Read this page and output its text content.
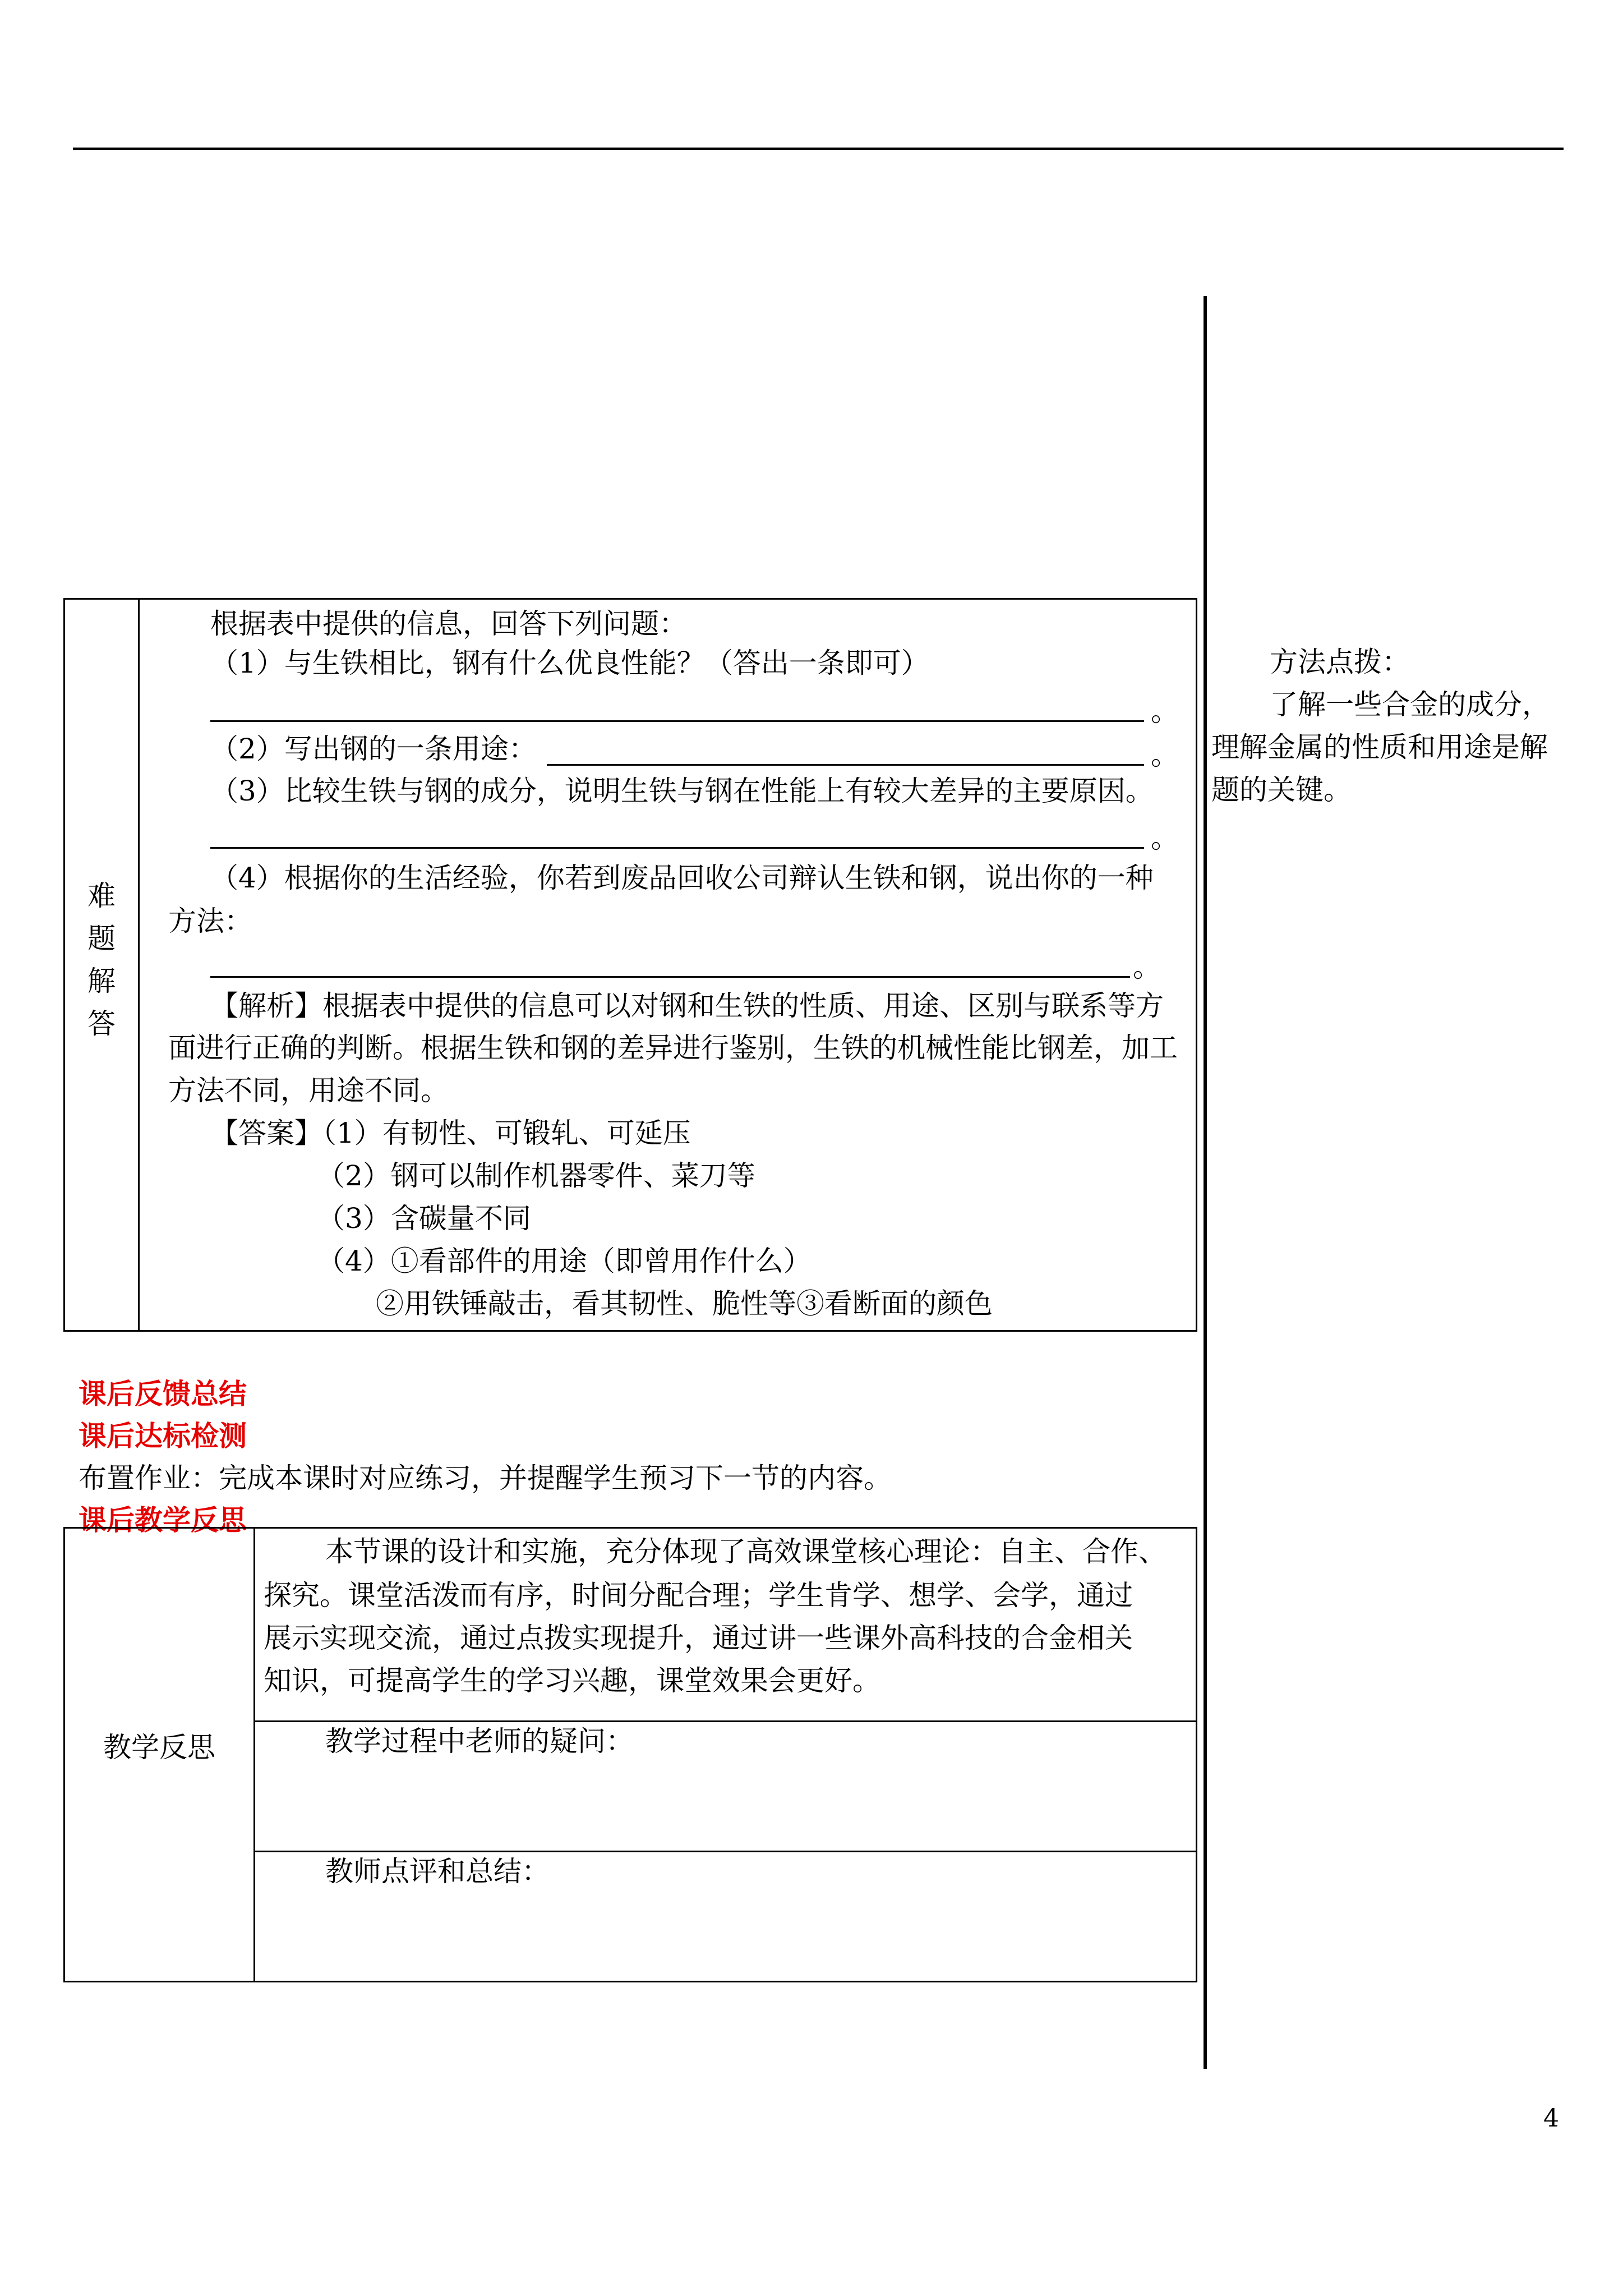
难
题
解
答
根据表中提供的信息，回答下列问题：
（1）与生铁相比，钢有什么优良性能？（答出一条即可）
。
（2）写出钢的一条用途：	。
（3）比较生铁与钢的成分，说明生铁与钢在性能上有较大差异的主要原因。
。
（4）根据你的生活经验，你若到废品回收公司辩认生铁和钢，说出你的一种
方法：
。
【解析】根据表中提供的信息可以对钢和生铁的性质、用途、区别与联系等方
面进行正确的判断。根据生铁和钢的差异进行鉴别，生铁的机械性能比钢差，加工
方法不同，用途不同。
【答案】（1）有韧性、可锻轧、可延压
（2）钢可以制作机器零件、菜刀等
（3）含碳量不同
（4）①看部件的用途（即曾用作什么）
②用铁锤敲击，看其韧性、脆性等③看断面的颜色
方法点拨：
了解一些合金的成分，
理解金属的性质和用途是解
题的关键。
课后反馈总结
课后达标检测
布置作业：完成本课时对应练习，并提醒学生预习下一节的内容。
课后教学反思
教学反思
本节课的设计和实施，充分体现了高效课堂核心理论：自主、合作、
探究。课堂活泼而有序，时间分配合理；学生肯学、想学、会学，通过
展示实现交流，通过点拨实现提升，通过讲一些课外高科技的合金相关
知识，可提高学生的学习兴趣，课堂效果会更好。
教学过程中老师的疑问：
教师点评和总结：
4
